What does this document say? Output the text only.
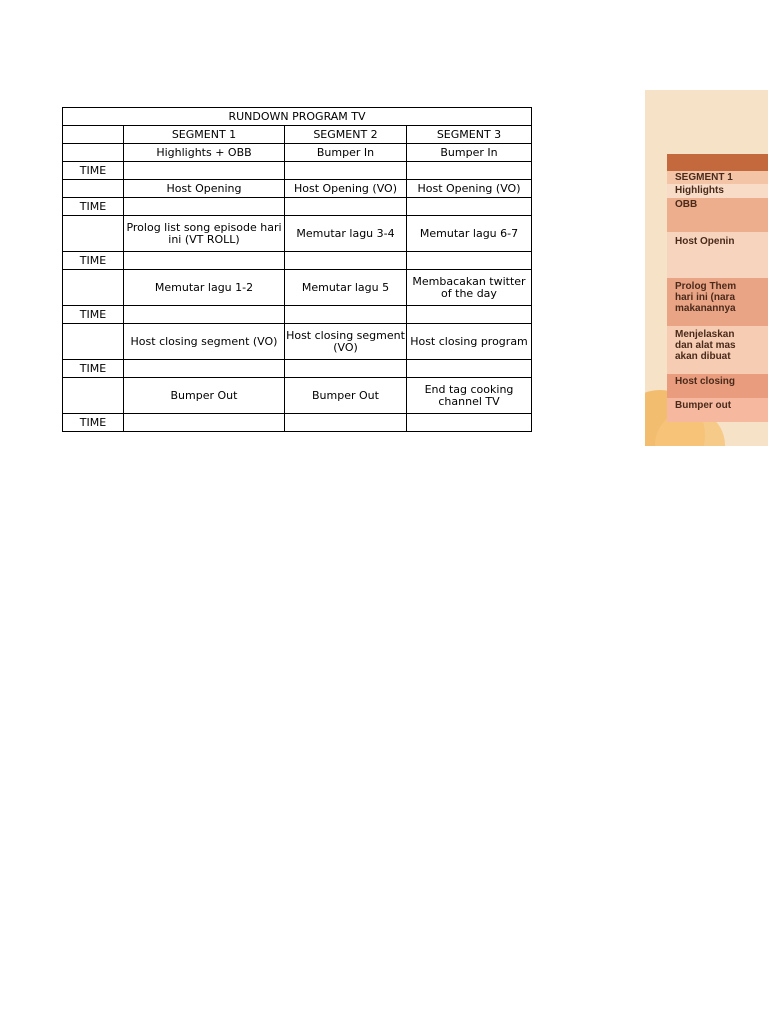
RUNDOWN PROGRAM TV			
	SEGMENT 1	SEGMENT 2	SEGMENT 3
	Highlights + OBB	Bumper In	Bumper In
TIME			
	Host Opening	Host Opening (VO)	Host Opening (VO)
TIME			
	Prolog list song episode hari ini (VT ROLL)	Memutar lagu 3-4	Memutar lagu 6-7
TIME			
	Memutar lagu 1-2	Memutar lagu 5	Membacakan twitter of the day
TIME			
	Host closing segment (VO)	Host closing segment (VO)	Host closing program
TIME			
	Bumper Out	Bumper Out	End tag cooking channel TV
TIME			
SEGMENT 1
Highlights
OBB
Host Openin
Prolog Them
hari ini (nara
makanannya
Menjelaskan
dan alat mas
akan dibuat
Host closing
Bumper out
